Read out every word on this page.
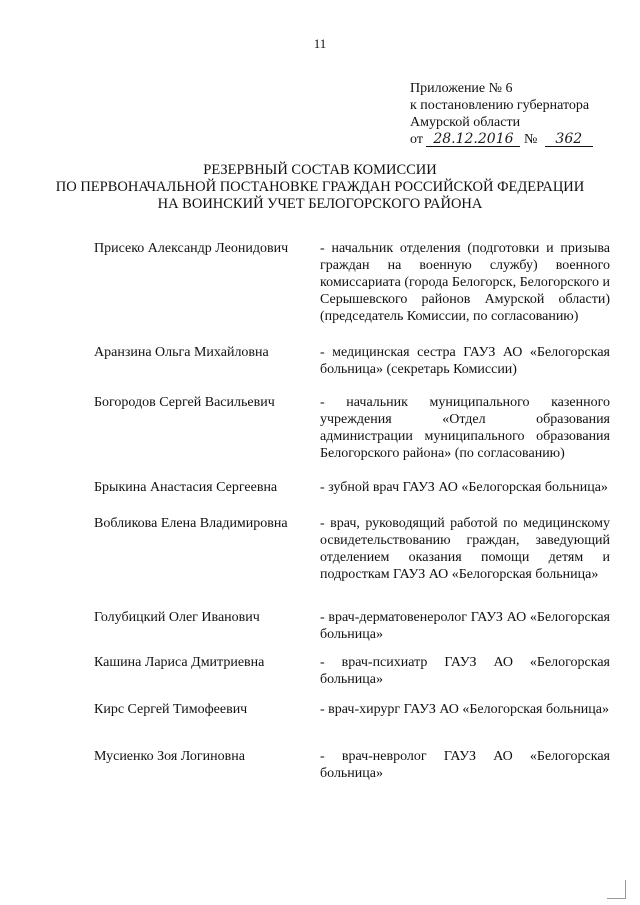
11
Приложение № 6
к постановлению губернатора
Амурской области
от 28.12.2016 № 362
РЕЗЕРВНЫЙ СОСТАВ КОМИССИИ
ПО ПЕРВОНАЧАЛЬНОЙ ПОСТАНОВКЕ ГРАЖДАН РОССИЙСКОЙ ФЕДЕРАЦИИ
НА ВОИНСКИЙ УЧЕТ БЕЛОГОРСКОГО РАЙОНА
Присеко Александр Леонидович	- начальник отделения (подготовки и призыва граждан на военную службу) военного комиссариата (города Белогорск, Белогорского и Серышевского районов Амурской области) (председатель Комиссии, по согласованию)
Аранзина Ольга Михайловна	- медицинская сестра ГАУЗ АО «Белогорская больница» (секретарь Комиссии)
Богородов Сергей Васильевич	- начальник муниципального казенного учреждения «Отдел образования администрации муниципального образования Белогорского района» (по согласованию)
Брыкина Анастасия Сергеевна	- зубной врач ГАУЗ АО «Белогорская больница»
Вобликова Елена Владимировна	- врач, руководящий работой по медицинскому освидетельствованию граждан, заведующий отделением оказания помощи детям и подросткам ГАУЗ АО «Белогорская больница»
Голубицкий Олег Иванович	- врач-дерматовенеролог ГАУЗ АО «Белогорская больница»
Кашина Лариса Дмитриевна	- врач-психиатр ГАУЗ АО «Белогорская больница»
Кирс Сергей Тимофеевич	- врач-хирург ГАУЗ АО «Белогорская больница»
Мусиенко Зоя Логиновна	- врач-невролог ГАУЗ АО «Белогорская больница»
